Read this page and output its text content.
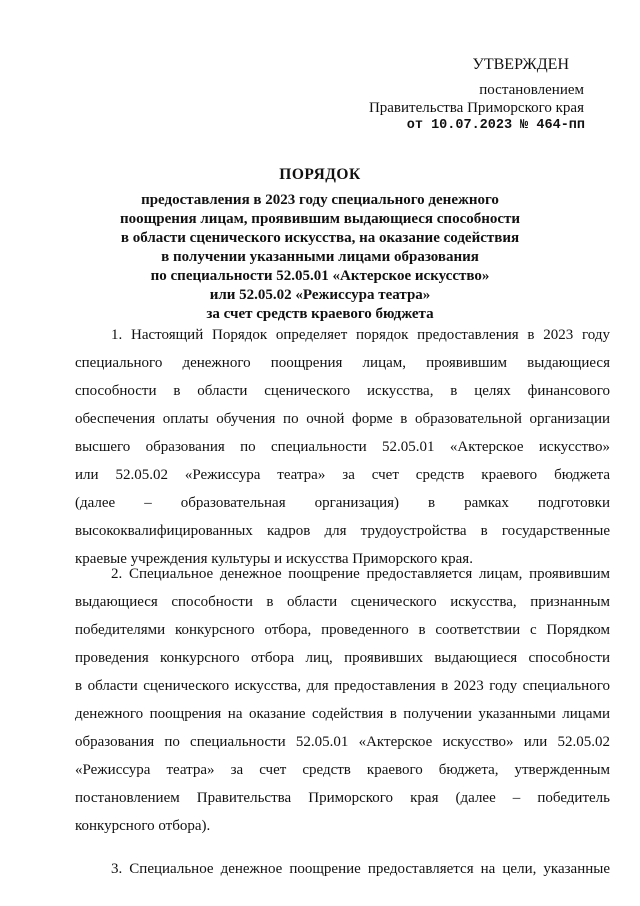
УТВЕРЖДЕН
постановлением
Правительства Приморского края
от 10.07.2023 № 464-пп
ПОРЯДОК
предоставления в 2023 году специального денежного
поощрения лицам, проявившим выдающиеся способности
в области сценического искусства, на оказание содействия
в получении указанными лицами образования
по специальности 52.05.01 «Актерское искусство»
или 52.05.02 «Режиссура театра»
за счет средств краевого бюджета
1. Настоящий Порядок определяет порядок предоставления в 2023 году
специального денежного поощрения лицам, проявившим выдающиеся
способности в области сценического искусства, в целях финансового
обеспечения оплаты обучения по очной форме в образовательной организации
высшего образования по специальности 52.05.01 «Актерское искусство»
или 52.05.02 «Режиссура театра» за счет средств краевого бюджета
(далее – образовательная организация) в рамках подготовки
высококвалифицированных кадров для трудоустройства в государственные
краевые учреждения культуры и искусства Приморского края.
2. Специальное денежное поощрение предоставляется лицам, проявившим
выдающиеся способности в области сценического искусства, признанным
победителями конкурсного отбора, проведенного в соответствии с Порядком
проведения конкурсного отбора лиц, проявивших выдающиеся способности
в области сценического искусства, для предоставления в 2023 году специального
денежного поощрения на оказание содействия в получении указанными лицами
образования по специальности 52.05.01 «Актерское искусство» или 52.05.02
«Режиссура театра» за счет средств краевого бюджета, утвержденным
постановлением Правительства Приморского края (далее – победитель
конкурсного отбора).
3. Специальное денежное поощрение предоставляется на цели, указанные
